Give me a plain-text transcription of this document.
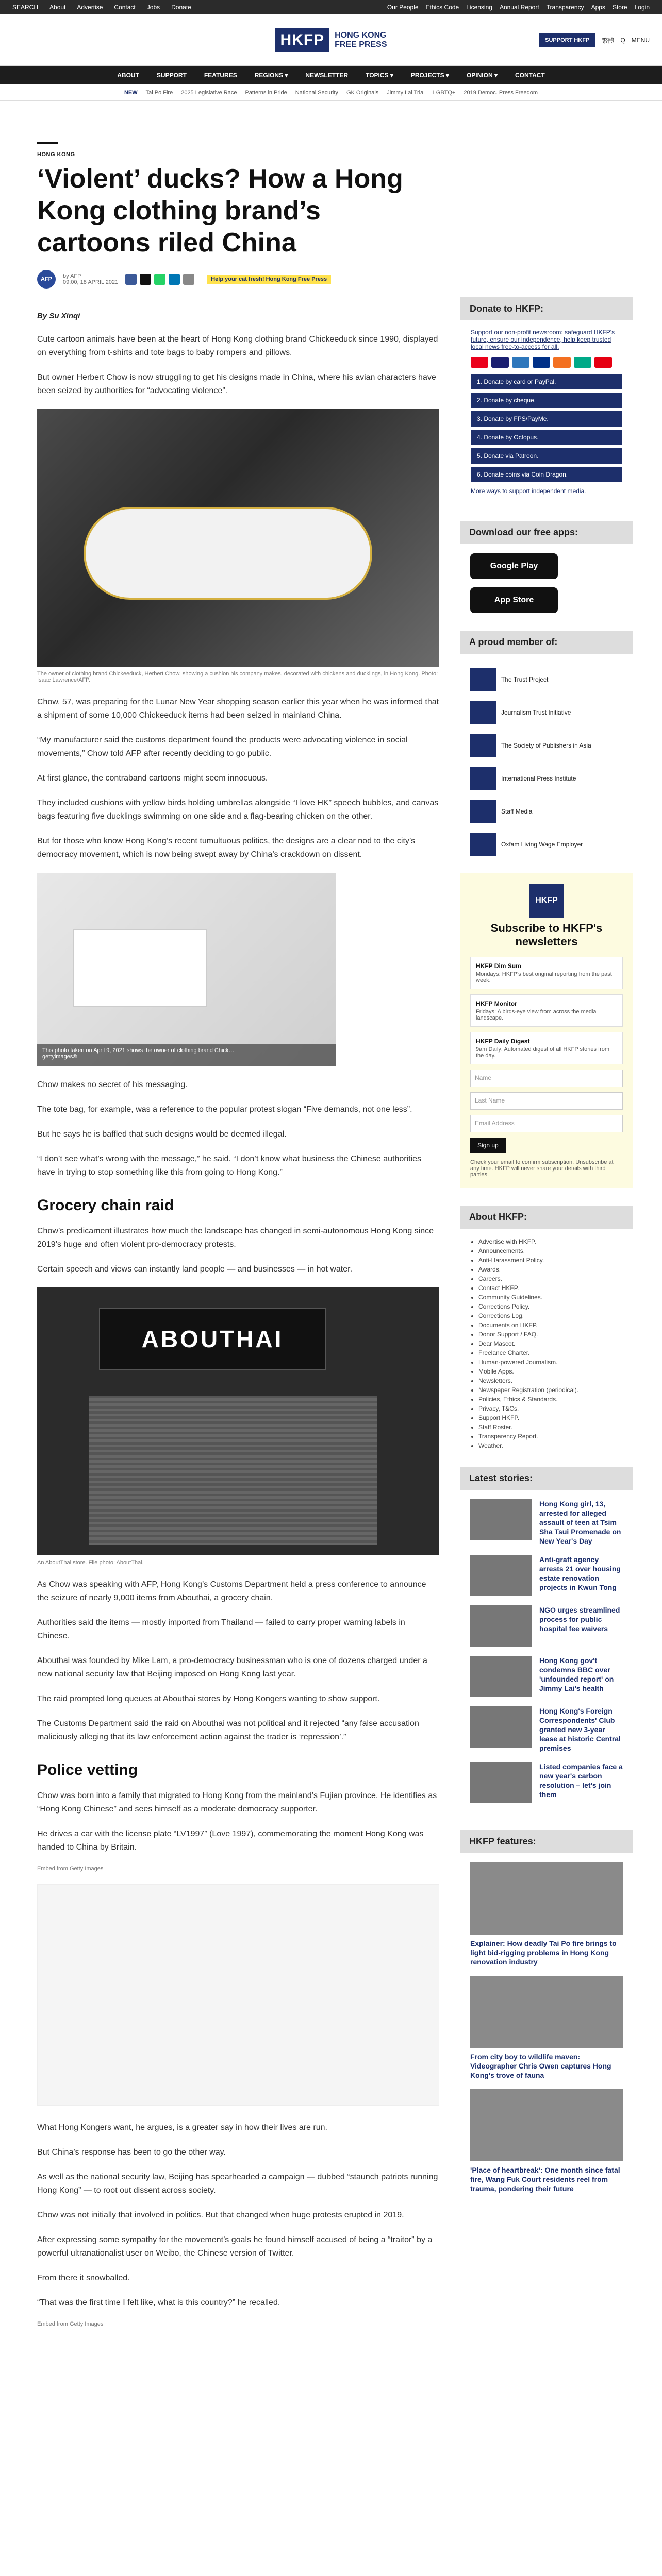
SEARCH About Advertise Contact Jobs Donate	Our People Ethics Code Licensing Annual Report Transparency Apps Store Login
HKFP	HONG KONG
FREE PRESS	SUPPORT HKFP	繁體 Q MENU
ABOUT	SUPPORT	FEATURES	REGIONS ▾	NEWSLETTER	TOPICS ▾	PROJECTS ▾	OPINION ▾	CONTACT
NEW Tai Po Fire 2025 Legislative Race Patterns in Pride National Security GK Originals Jimmy Lai Trial LGBTQ+ 2019 Democ. Press Freedom
HONG KONG
‘Violent’ ducks? How a Hong Kong clothing brand’s cartoons riled China
AFP	by AFP
09:00, 18 APRIL 2021	Help your cat fresh! Hong Kong Free Press
By Su Xinqi

Cute cartoon animals have been at the heart of Hong Kong clothing brand Chickeeduck since 1990, displayed on everything from t-shirts and tote bags to baby rompers and pillows.

But owner Herbert Chow is now struggling to get his designs made in China, where his avian characters have been seized by authorities for “advocating violence”.

The owner of clothing brand Chickeeduck, Herbert Chow, showing a cushion his company makes, decorated with chickens and ducklings, in Hong Kong. Photo: Isaac Lawrence/AFP.

Chow, 57, was preparing for the Lunar New Year shopping season earlier this year when he was informed that a shipment of some 10,000 Chickeeduck items had been seized in mainland China.

“My manufacturer said the customs department found the products were advocating violence in social movements,” Chow told AFP after recently deciding to go public.

At first glance, the contraband cartoons might seem innocuous.

They included cushions with yellow birds holding umbrellas alongside “I love HK” speech bubbles, and canvas bags featuring five ducklings swimming on one side and a flag-bearing chicken on the other.

But for those who know Hong Kong’s recent tumultuous politics, the designs are a clear nod to the city’s democracy movement, which is now being swept away by China’s crackdown on dissent.

This photo taken on April 9, 2021 shows the owner of clothing brand Chick…
gettyimages®

Chow makes no secret of his messaging.

The tote bag, for example, was a reference to the popular protest slogan “Five demands, not one less”.

But he says he is baffled that such designs would be deemed illegal.

“I don’t see what’s wrong with the message,” he said. “I don’t know what business the Chinese authorities have in trying to stop something like this from going to Hong Kong.”

Grocery chain raid

Chow’s predicament illustrates how much the landscape has changed in semi-autonomous Hong Kong since 2019’s huge and often violent pro-democracy protests.

Certain speech and views can instantly land people — and businesses — in hot water.

ABOUTHAI
An AboutThai store. File photo: AboutThai.

As Chow was speaking with AFP, Hong Kong’s Customs Department held a press conference to announce the seizure of nearly 9,000 items from Abouthai, a grocery chain.

Authorities said the items — mostly imported from Thailand — failed to carry proper warning labels in Chinese.

Abouthai was founded by Mike Lam, a pro-democracy businessman who is one of dozens charged under a new national security law that Beijing imposed on Hong Kong last year.

The raid prompted long queues at Abouthai stores by Hong Kongers wanting to show support.

The Customs Department said the raid on Abouthai was not political and it rejected “any false accusation maliciously alleging that its law enforcement action against the trader is ‘repression’.”

Police vetting

Chow was born into a family that migrated to Hong Kong from the mainland’s Fujian province. He identifies as “Hong Kong Chinese” and sees himself as a moderate democracy supporter.

He drives a car with the license plate “LV1997” (Love 1997), commemorating the moment Hong Kong was handed to China by Britain.

Embed from Getty Images

What Hong Kongers want, he argues, is a greater say in how their lives are run.

But China’s response has been to go the other way.

As well as the national security law, Beijing has spearheaded a campaign — dubbed “staunch patriots running Hong Kong” — to root out dissent across society.

Chow was not initially that involved in politics. But that changed when huge protests erupted in 2019.

After expressing some sympathy for the movement’s goals he found himself accused of being a “traitor” by a powerful ultranationalist user on Weibo, the Chinese version of Twitter.

From there it snowballed.

“That was the first time I felt like, what is this country?” he recalled.

Embed from Getty Images
Donate to HKFP:
Support our non-profit newsroom: safeguard HKFP's future, ensure our independence, help keep trusted local news free-to-access for all.
1. Donate by card or PayPal.
2. Donate by cheque.
3. Donate by FPS/PayMe.
4. Donate by Octopus.
5. Donate via Patreon.
6. Donate coins via Coin Dragon.
More ways to support independent media.
Download our free apps:
Google Play
App Store
A proud member of:
The Trust Project
Journalism Trust Initiative
The Society of Publishers in Asia
International Press Institute
Staff Media
Oxfam Living Wage Employer
HKFP
Subscribe to HKFP's newsletters
HKFP Dim Sum
Mondays: HKFP's best original reporting from the past week.
HKFP Monitor
Fridays: A birds-eye view from across the media landscape.
HKFP Daily Digest
9am Daily: Automated digest of all HKFP stories from the day.
Name
Last Name
Email Address
Sign up
Check your email to confirm subscription. Unsubscribe at any time. HKFP will never share your details with third parties.
About HKFP:
• Advertise with HKFP.
• Announcements.
• Anti-Harassment Policy.
• Awards.
• Careers.
• Contact HKFP.
• Community Guidelines.
• Corrections Policy.
• Corrections Log.
• Documents on HKFP.
• Donor Support / FAQ.
• Dear Mascot.
• Freelance Charter.
• Human-powered Journalism.
• Mobile Apps.
• Newsletters.
• Newspaper Registration (periodical).
• Policies, Ethics & Standards.
• Privacy, T&Cs.
• Support HKFP.
• Staff Roster.
• Transparency Report.
• Weather.
Latest stories:
Hong Kong girl, 13, arrested for alleged assault of teen at Tsim Sha Tsui Promenade on New Year's Day
Anti-graft agency arrests 21 over housing estate renovation projects in Kwun Tong
NGO urges streamlined process for public hospital fee waivers
Hong Kong gov't condemns BBC over 'unfounded report' on Jimmy Lai's health
Hong Kong's Foreign Correspondents' Club granted new 3-year lease at historic Central premises
Listed companies face a new year's carbon resolution – let's join them
HKFP features:
Explainer: How deadly Tai Po fire brings to light bid-rigging problems in Hong Kong renovation industry
From city boy to wildlife maven: Videographer Chris Owen captures Hong Kong's trove of fauna
'Place of heartbreak': One month since fatal fire, Wang Fuk Court residents reel from trauma, pondering their future
